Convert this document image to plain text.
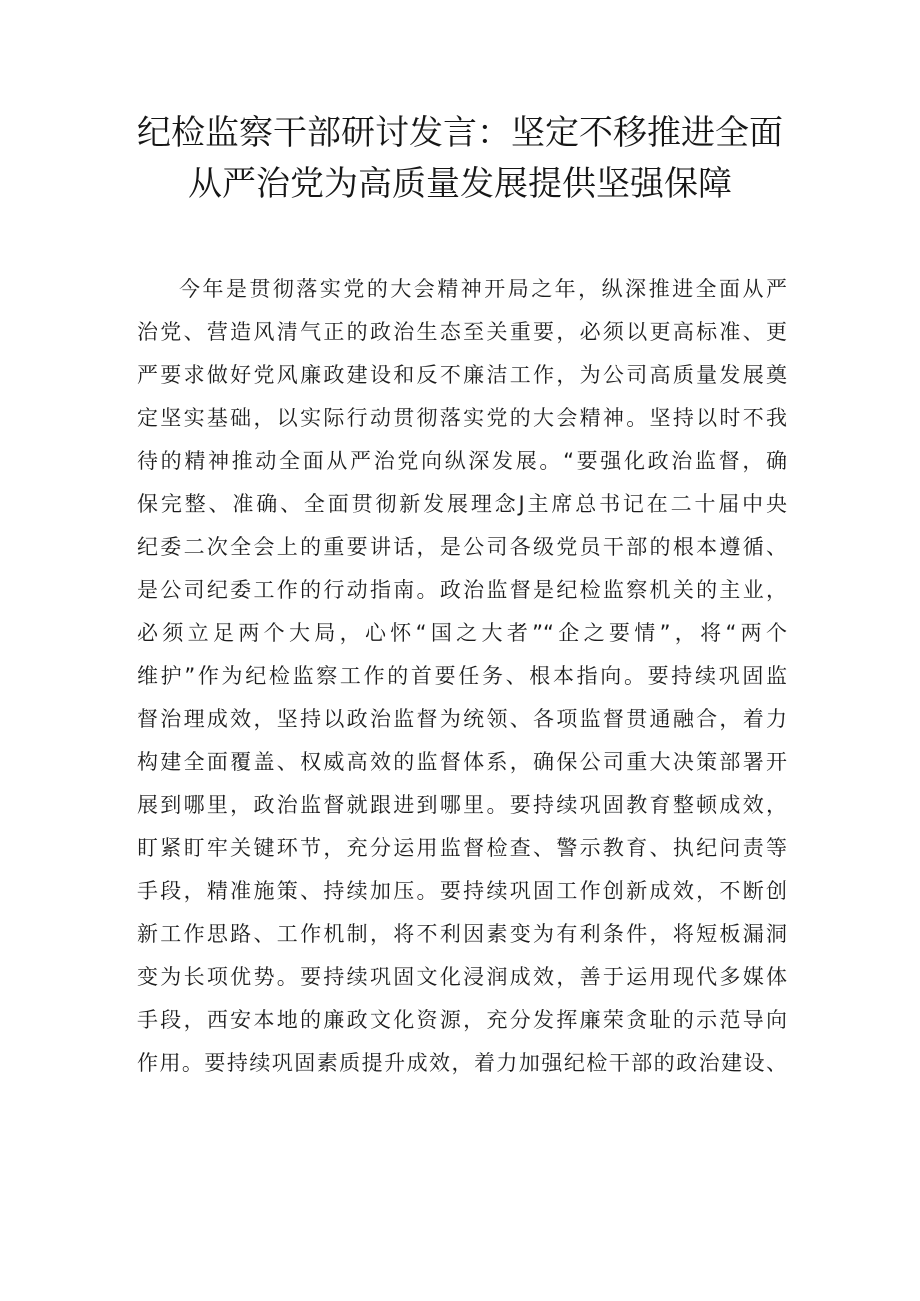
纪检监察干部研讨发言：坚定不移推进全面
从严治党为高质量发展提供坚强保障
今年是贯彻落实党的大会精神开局之年，纵深推进全面从严
治党、营造风清气正的政治生态至关重要，必须以更高标准、更
严要求做好党风廉政建设和反不廉洁工作，为公司高质量发展奠
定坚实基础，以实际行动贯彻落实党的大会精神。坚持以时不我
待的精神推动全面从严治党向纵深发展。“要强化政治监督，确
保完整、准确、全面贯彻新发展理念J主席总书记在二十届中央
纪委二次全会上的重要讲话，是公司各级党员干部的根本遵循、
是公司纪委工作的行动指南。政治监督是纪检监察机关的主业，
必须立足两个大局，心怀“国之大者”“企之要情”，将“两个
维护”作为纪检监察工作的首要任务、根本指向。要持续巩固监
督治理成效，坚持以政治监督为统领、各项监督贯通融合，着力
构建全面覆盖、权威高效的监督体系，确保公司重大决策部署开
展到哪里，政治监督就跟进到哪里。要持续巩固教育整顿成效，
盯紧盯牢关键环节，充分运用监督检查、警示教育、执纪问责等
手段，精准施策、持续加压。要持续巩固工作创新成效，不断创
新工作思路、工作机制，将不利因素变为有利条件，将短板漏洞
变为长项优势。要持续巩固文化浸润成效，善于运用现代多媒体
手段，西安本地的廉政文化资源，充分发挥廉荣贪耻的示范导向
作用。要持续巩固素质提升成效，着力加强纪检干部的政治建设、
